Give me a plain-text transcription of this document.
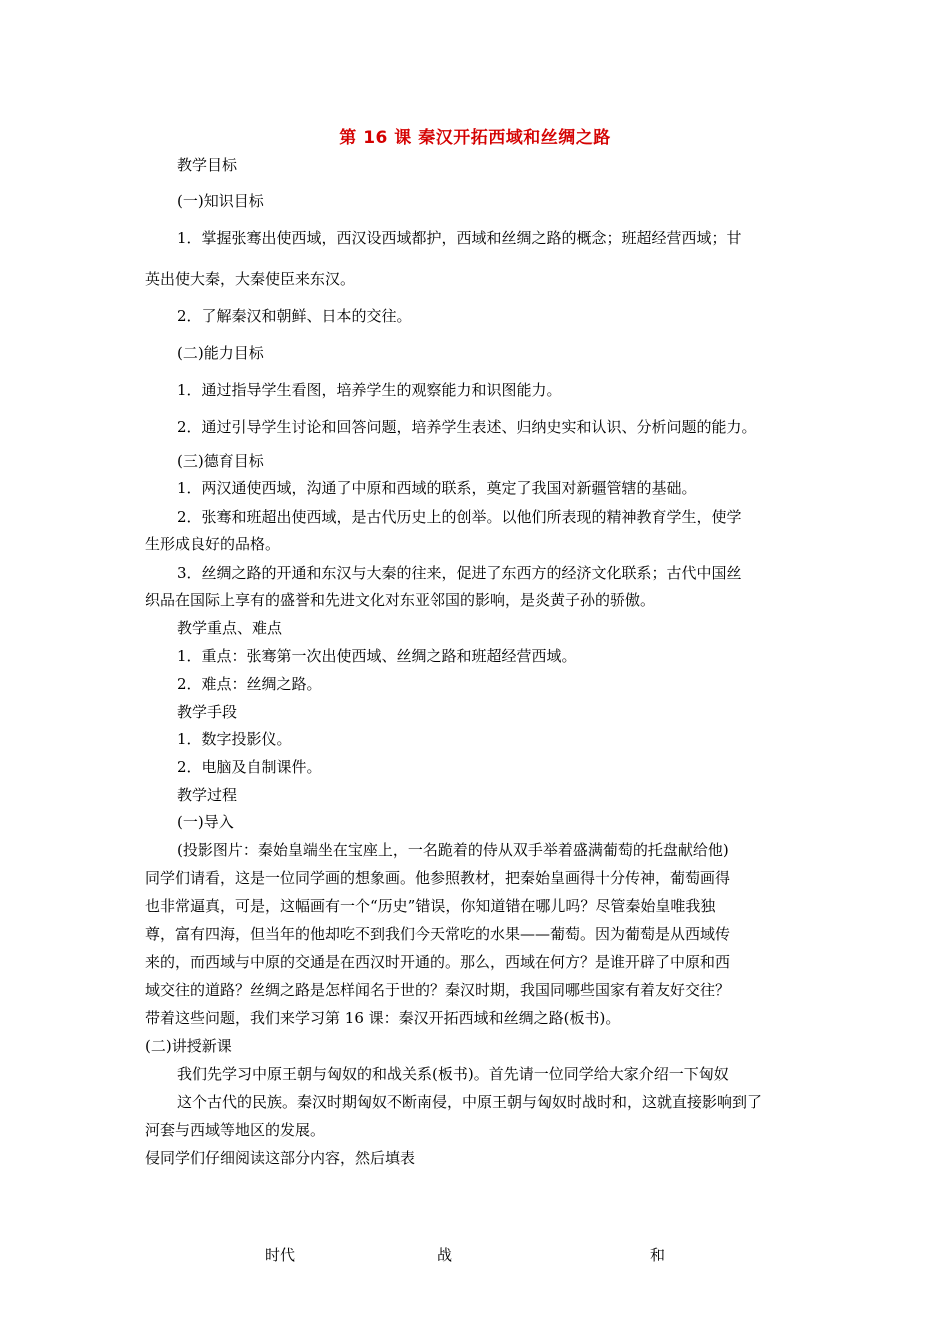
第 16 课 秦汉开拓西域和丝绸之路
教学目标
(一)知识目标
1．掌握张骞出使西域，西汉设西域都护，西域和丝绸之路的概念；班超经营西域；甘
英出使大秦，大秦使臣来东汉。
2．了解秦汉和朝鲜、日本的交往。
(二)能力目标
1．通过指导学生看图，培养学生的观察能力和识图能力。
2．通过引导学生讨论和回答问题，培养学生表述、归纳史实和认识、分析问题的能力。
(三)德育目标
1．两汉通使西域，沟通了中原和西域的联系，奠定了我国对新疆管辖的基础。
2．张骞和班超出使西域，是古代历史上的创举。以他们所表现的精神教育学生，使学
生形成良好的品格。
3．丝绸之路的开通和东汉与大秦的往来，促进了东西方的经济文化联系；古代中国丝
织品在国际上享有的盛誉和先进文化对东亚邻国的影响，是炎黄子孙的骄傲。
教学重点、难点
1．重点：张骞第一次出使西域、丝绸之路和班超经营西域。
2．难点：丝绸之路。
教学手段
1．数字投影仪。
2．电脑及自制课件。
教学过程
(一)导入
(投影图片：秦始皇端坐在宝座上，一名跪着的侍从双手举着盛满葡萄的托盘献给他)
同学们请看，这是一位同学画的想象画。他参照教材，把秦始皇画得十分传神，葡萄画得
也非常逼真，可是，这幅画有一个“历史”错误，你知道错在哪儿吗？尽管秦始皇唯我独
尊，富有四海，但当年的他却吃不到我们今天常吃的水果——葡萄。因为葡萄是从西域传
来的，而西域与中原的交通是在西汉时开通的。那么，西域在何方？是谁开辟了中原和西
域交往的道路？丝绸之路是怎样闻名于世的？秦汉时期，我国同哪些国家有着友好交往？
带着这些问题，我们来学习第 16 课：秦汉开拓西域和丝绸之路(板书)。
(二)讲授新课
我们先学习中原王朝与匈奴的和战关系(板书)。首先请一位同学给大家介绍一下匈奴
这个古代的民族。秦汉时期匈奴不断南侵，中原王朝与匈奴时战时和，这就直接影响到了
河套与西域等地区的发展。
侵同学们仔细阅读这部分内容，然后填表
时代	战	和
